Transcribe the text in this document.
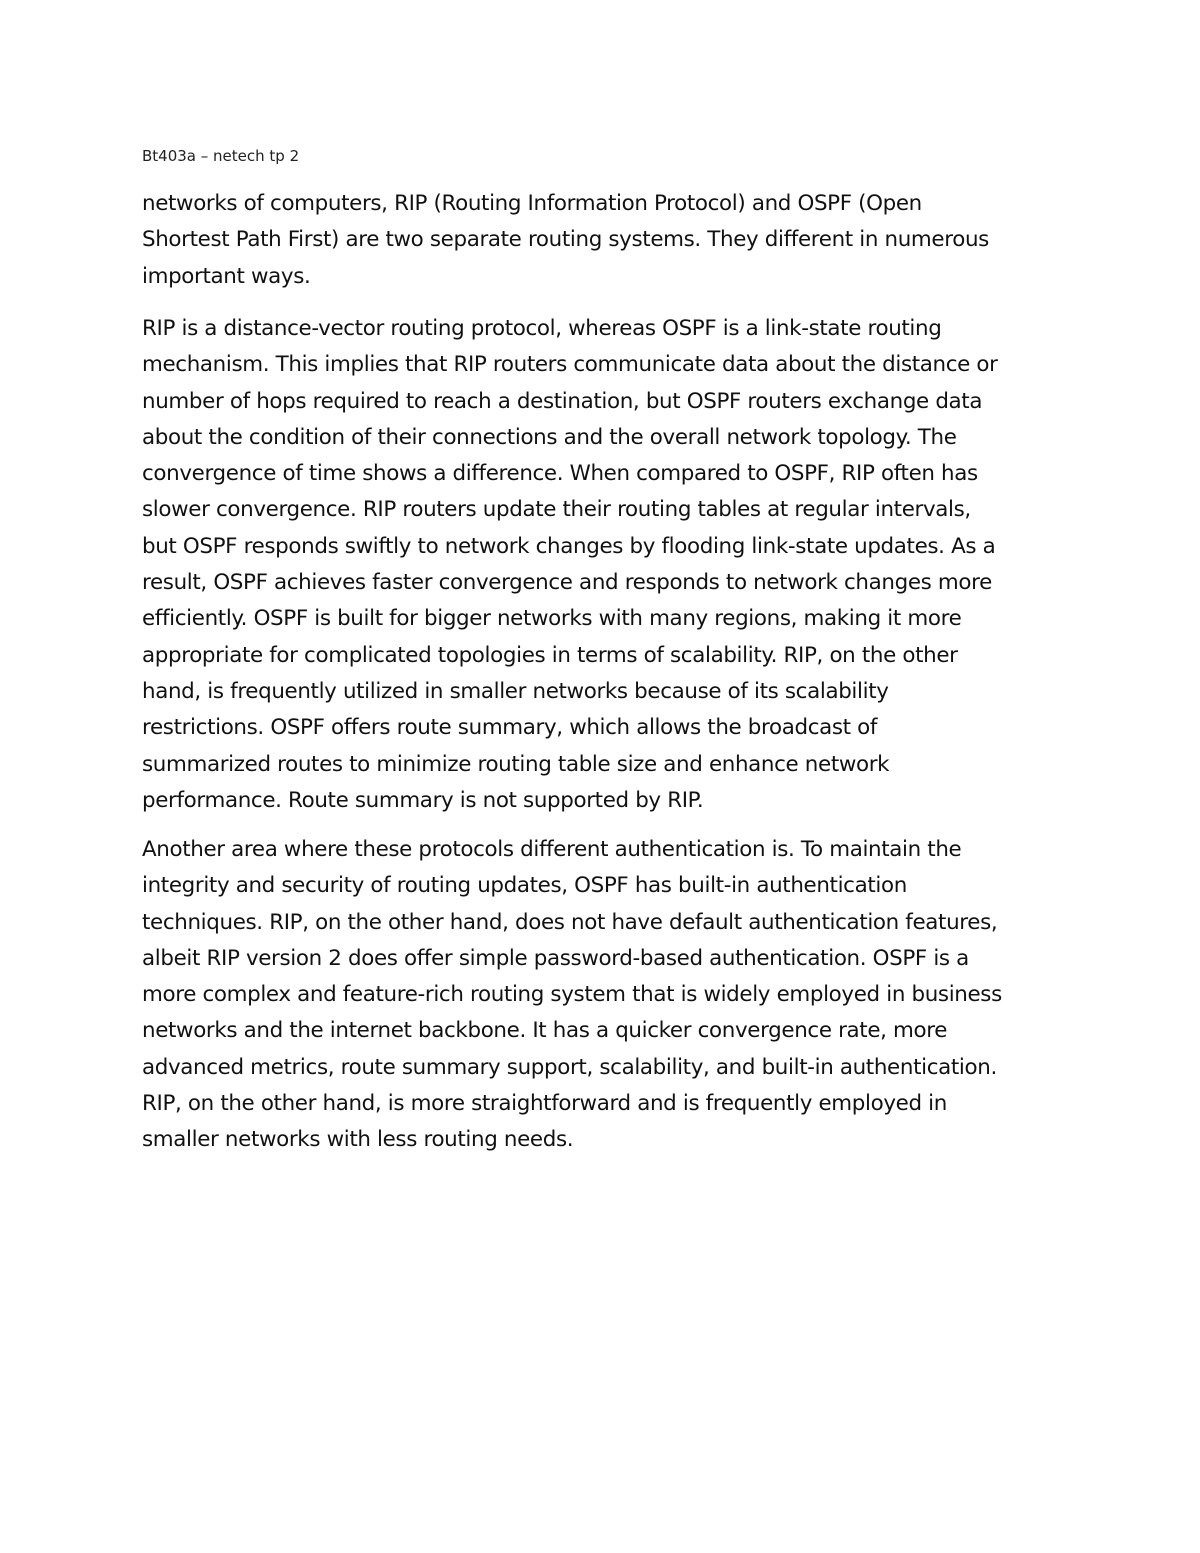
Bt403a – netech tp 2

networks of computers, RIP (Routing Information Protocol) and OSPF (Open
Shortest Path First) are two separate routing systems. They different in numerous
important ways.

RIP is a distance-vector routing protocol, whereas OSPF is a link-state routing
mechanism. This implies that RIP routers communicate data about the distance or
number of hops required to reach a destination, but OSPF routers exchange data
about the condition of their connections and the overall network topology. The
convergence of time shows a difference. When compared to OSPF, RIP often has
slower convergence. RIP routers update their routing tables at regular intervals,
but OSPF responds swiftly to network changes by flooding link-state updates. As a
result, OSPF achieves faster convergence and responds to network changes more
efficiently. OSPF is built for bigger networks with many regions, making it more
appropriate for complicated topologies in terms of scalability. RIP, on the other
hand, is frequently utilized in smaller networks because of its scalability
restrictions. OSPF offers route summary, which allows the broadcast of
summarized routes to minimize routing table size and enhance network
performance. Route summary is not supported by RIP.

Another area where these protocols different authentication is. To maintain the
integrity and security of routing updates, OSPF has built-in authentication
techniques. RIP, on the other hand, does not have default authentication features,
albeit RIP version 2 does offer simple password-based authentication. OSPF is a
more complex and feature-rich routing system that is widely employed in business
networks and the internet backbone. It has a quicker convergence rate, more
advanced metrics, route summary support, scalability, and built-in authentication.
RIP, on the other hand, is more straightforward and is frequently employed in
smaller networks with less routing needs.
